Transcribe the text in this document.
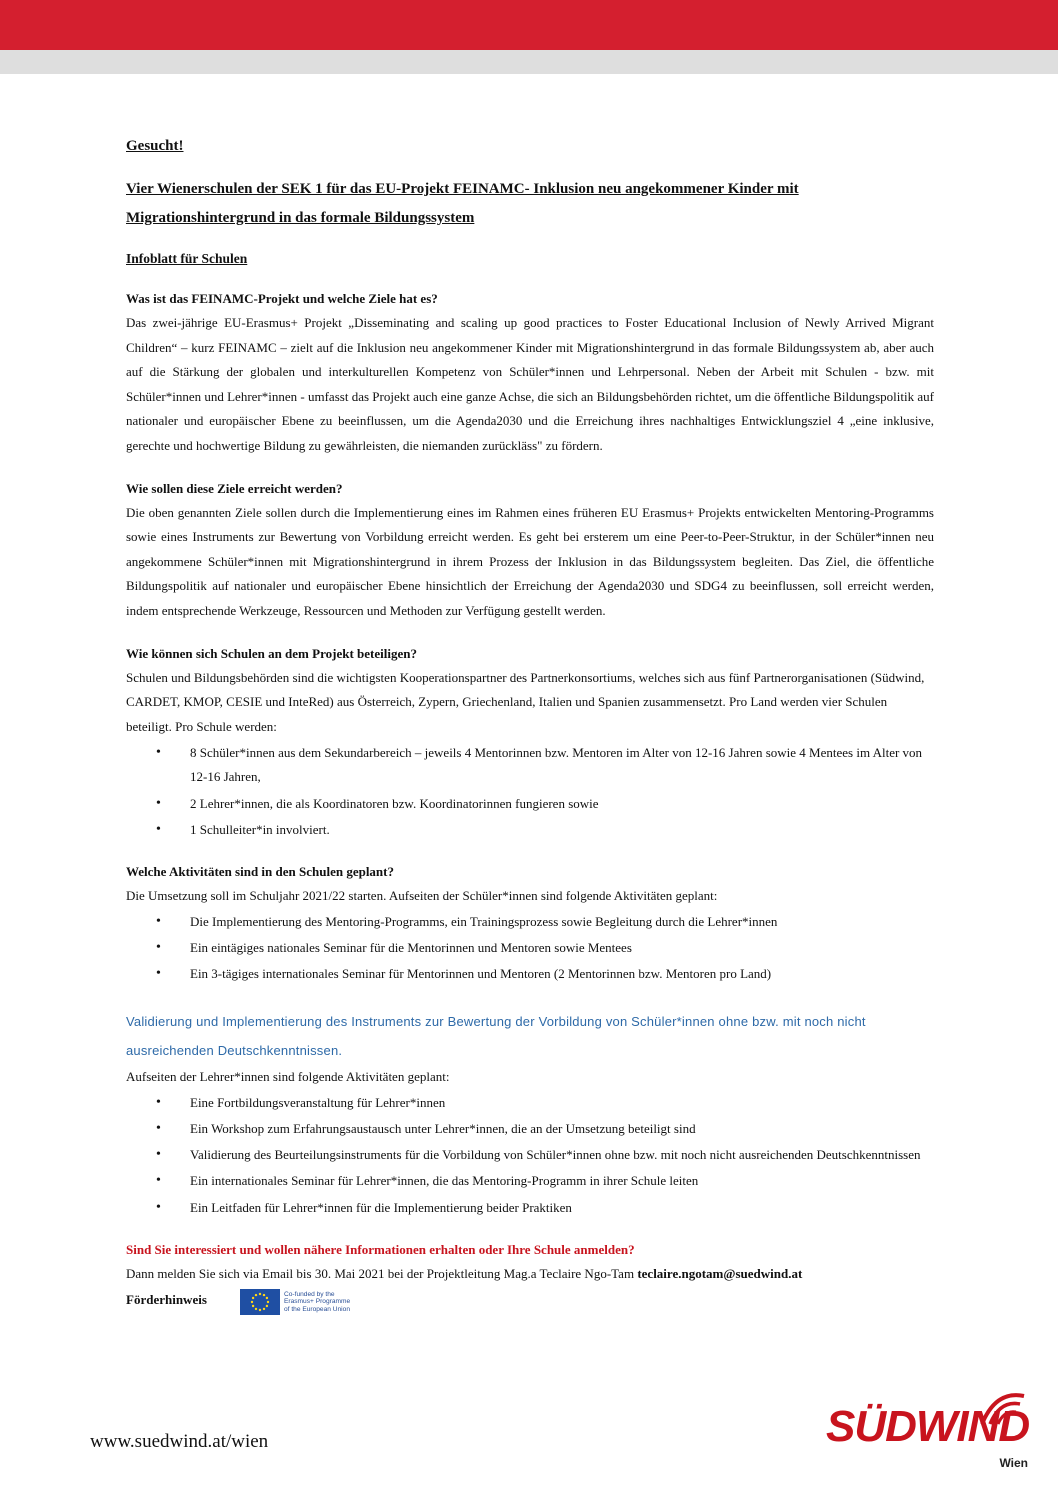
Gesucht!
Vier Wienerschulen der SEK 1 für das EU-Projekt FEINAMC- Inklusion neu angekommener Kinder mit Migrationshintergrund in das formale Bildungssystem
Infoblatt für Schulen
Was ist das FEINAMC-Projekt und welche Ziele hat es?

Das zwei-jährige EU-Erasmus+ Projekt „Disseminating and scaling up good practices to Foster Educational Inclusion of Newly Arrived Migrant Children“ – kurz FEINAMC – zielt auf die Inklusion neu angekommener Kinder mit Migrationshintergrund in das formale Bildungssystem ab, aber auch auf die Stärkung der globalen und interkulturellen Kompetenz von Schüler*innen und Lehrpersonal. Neben der Arbeit mit Schulen - bzw. mit Schüler*innen und Lehrer*innen - umfasst das Projekt auch eine ganze Achse, die sich an Bildungsbehörden richtet, um die öffentliche Bildungspolitik auf nationaler und europäischer Ebene zu beeinflussen, um die Agenda2030 und die Erreichung ihres nachhaltiges Entwicklungsziel 4 „eine inklusive, gerechte und hochwertige Bildung zu gewährleisten, die niemanden zurückläss" zu fördern.

Wie sollen diese Ziele erreicht werden?

Die oben genannten Ziele sollen durch die Implementierung eines im Rahmen eines früheren EU Erasmus+ Projekts entwickelten Mentoring-Programms sowie eines Instruments zur Bewertung von Vorbildung erreicht werden. Es geht bei ersterem um eine Peer-to-Peer-Struktur, in der Schüler*innen neu angekommene Schüler*innen mit Migrationshintergrund in ihrem Prozess der Inklusion in das Bildungssystem begleiten. Das Ziel, die öffentliche Bildungspolitik auf nationaler und europäischer Ebene hinsichtlich der Erreichung der Agenda2030 und SDG4 zu beeinflussen, soll erreicht werden, indem entsprechende Werkzeuge, Ressourcen und Methoden zur Verfügung gestellt werden.

Wie können sich Schulen an dem Projekt beteiligen?

Schulen und Bildungsbehörden sind die wichtigsten Kooperationspartner des Partnerkonsortiums, welches sich aus fünf Partnerorganisationen (Südwind, CARDET, KMOP, CESIE und InteRed) aus Österreich, Zypern, Griechenland, Italien und Spanien zusammensetzt. Pro Land werden vier Schulen beteiligt. Pro Schule werden:

• 8 Schüler*innen aus dem Sekundarbereich – jeweils 4 Mentorinnen bzw. Mentoren im Alter von 12-16 Jahren sowie 4 Mentees im Alter von 12-16 Jahren,
• 2 Lehrer*innen, die als Koordinatoren bzw. Koordinatorinnen fungieren sowie
• 1 Schulleiter*in involviert.
Welche Aktivitäten sind in den Schulen geplant?

Die Umsetzung soll im Schuljahr 2021/22 starten. Aufseiten der Schüler*innen sind folgende Aktivitäten geplant:

• Die Implementierung des Mentoring-Programms, ein Trainingsprozess sowie Begleitung durch die Lehrer*innen
• Ein eintägiges nationales Seminar für die Mentorinnen und Mentoren sowie Mentees
• Ein 3-tägiges internationales Seminar für Mentorinnen und Mentoren (2 Mentorinnen bzw. Mentoren pro Land)
Validierung und Implementierung des Instruments zur Bewertung der Vorbildung von Schüler*innen ohne bzw. mit noch nicht ausreichenden Deutschkenntnissen.

Aufseiten der Lehrer*innen sind folgende Aktivitäten geplant:

• Eine Fortbildungsveranstaltung für Lehrer*innen
• Ein Workshop zum Erfahrungsaustausch unter Lehrer*innen, die an der Umsetzung beteiligt sind
• Validierung des Beurteilungsinstruments für die Vorbildung von Schüler*innen ohne bzw. mit noch nicht ausreichenden Deutschkenntnissen
• Ein internationales Seminar für Lehrer*innen, die das Mentoring-Programm in ihrer Schule leiten
• Ein Leitfaden für Lehrer*innen für die Implementierung beider Praktiken
Sind Sie interessiert und wollen nähere Informationen erhalten oder Ihre Schule anmelden?
Dann melden Sie sich via Email bis 30. Mai 2021 bei der Projektleitung Mag.a Teclaire Ngo-Tam teclaire.ngotam@suedwind.at
Förderhinweis	Co-funded by the
Erasmus+ Programme
of the European Union
www.suedwind.at/wien	SÜDWIND
Wien
